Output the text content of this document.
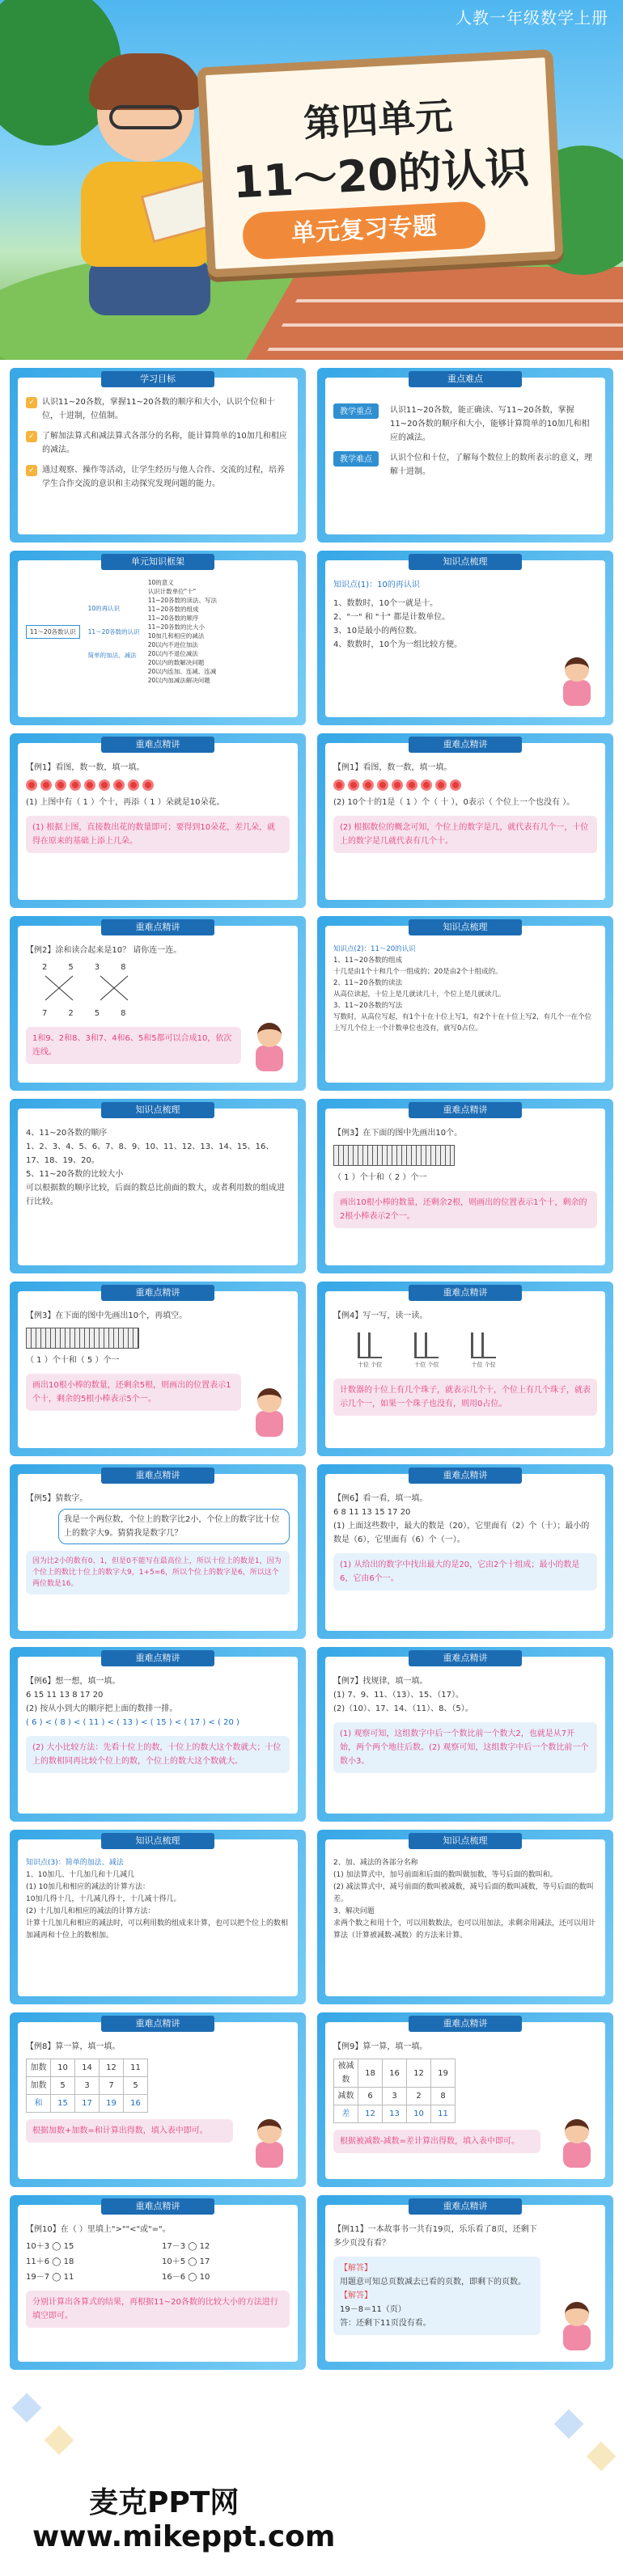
人教一年级数学上册
第四单元
11～20的认识
单元复习专题
学习目标
✓ 认识11~20各数，掌握11~20各数的顺序和大小，认识个位和十位，十进制，位值制。
✓ 了解加法算式和减法算式各部分的名称，能计算简单的10加几和相应的减法。
✓ 通过观察、操作等活动，让学生经历与他人合作、交流的过程，培养学生合作交流的意识和主动探究发现问题的能力。
重点难点
教学重点	认识11~20各数，能正确读、写11~20各数，掌握11~20各数的顺序和大小，能够计算简单的10加几和相应的减法。
教学难点	认识个位和十位，了解每个数位上的数所表示的意义，理解十进制。
单元知识框架
11～20各数认识
10的再认识
11～20各数的认识
简单的加法、减法
10的意义
认识计数单位"十"
11~20各数的读法、写法
11~20各数的组成
11~20各数的顺序
11~20各数的比大小
10加几和相应的减法
20以内不进位加法
20以内不退位减法
20以内的数解决问题
20以内连加、连减、连减
20以内加减法解决问题
知识点梳理
知识点(1)：10的再认识
1、数数时，10个一就是十。
2、"一" 和 "十" 都是计数单位。
3、10是最小的两位数。
4、数数时，10个为一组比较方便。
重难点精讲
【例1】看图，数一数，填一填。
(1) 上图中有（ 1 ）个十，再添（ 1 ）朵就是10朵花。
(1) 根据上图，直接数出花的数量即可；要得到10朵花，差几朵，就得在原来的基础上添上几朵。
重难点精讲
【例1】看图，数一数，填一填。
(2) 10个十的1是（ 1 ）个（ 十 ），0表示（ 个位上一个也没有 ）。
(2) 根据数位的概念可知，个位上的数字是几，就代表有几个一，十位上的数字是几就代表有几个十。
重难点精讲
【例2】涂和读合起来是10？ 请你连一连。
2	5	3	8
7	2	5	8
1和9、2和8、3和7、4和6、5和5都可以合成10，依次连线。
知识点梳理
知识点(2)：11～20的认识
1、11~20各数的组成
十几是由1个十和几个一组成的；20是由2个十组成的。
2、11~20各数的读法
从高位读起，十位上是几就读几十，个位上是几就读几。
3、11~20各数的写法
写数时，从高位写起，有1个十在十位上写1，有2个十在十位上写2，有几个一在个位上写几个位上一个计数单位也没有，就写0占位。
知识点梳理
4、11~20各数的顺序
1、2、3、4、5、6、7、8、9、10、11、12、13、14、15、16、17、18、19、20。
5、11~20各数的比较大小
可以根据数的顺序比较，后面的数总比前面的数大，或者利用数的组成进行比较。
重难点精讲
【例3】在下面的图中先画出10个。
（ 1 ）个十和（ 2 ）个一
画出10根小棒的数量，还剩余2根，则画出的位置表示1个十，剩余的2根小棒表示2个一。
重难点精讲
【例3】在下面的图中先画出10个，再填空。
（ 1 ）个十和（ 5 ）个一
画出10根小棒的数量，还剩余5根，则画出的位置表示1个十，剩余的5根小棒表示5个一。
重难点精讲
【例4】写一写，读一读。
十位 个位	十位 个位	十位 个位
计数器的十位上有几个珠子，就表示几个十，个位上有几个珠子，就表示几个一，如果一个珠子也没有，则用0占位。
重难点精讲
【例5】猜数字。
我是一个两位数，个位上的数字比2小，个位上的数字比十位上的数字大9。猜猜我是数字几？
因为比2小的数有0、1，但是0不能写在最高位上，所以十位上的数是1，因为个位上的数比十位上的数字大9，1+5=6，所以个位上的数字是6，所以这个两位数是16。
重难点精讲
【例6】看一看，填一填。
6 8 11 13 15 17 20
(1) 上面这些数中，最大的数是（20），它里面有（2）个（十）；最小的数是（6），它里面有（6）个（一）。
(1) 从给出的数字中找出最大的是20，它由2个十组成；最小的数是6，它由6个一。
重难点精讲
【例6】想一想，填一填。
6 15 11 13 8 17 20
(2) 按从小到大的顺序把上面的数排一排。
( 6 ) < ( 8 ) < ( 11 ) < ( 13 ) < ( 15 ) < ( 17 ) < ( 20 )
(2) 大小比较方法：先看十位上的数，十位上的数大这个数就大；十位上的数相同再比较个位上的数，个位上的数大这个数就大。
重难点精讲
【例7】找规律，填一填。
(1) 7、9、11、（13）、15、（17）。
(2)（10）、17、14、（11）、8、（5）。
(1) 观察可知，这组数字中后一个数比前一个数大2，也就是从7开始，两个两个地往后数。(2) 观察可知，这组数字中后一个数比前一个数小3。
知识点梳理
知识点(3)：简单的加法、减法
1、10加几、十几加几和十几减几
(1) 10加几和相应的减法的计算方法：
10加几得十几，十几减几得十，十几减十得几。
(2) 十几加几和相应的减法的计算方法：
计算十几加几和相应的减法时，可以利用数的组成来计算，也可以把个位上的数相加减再和十位上的数相加。
知识点梳理
2、加、减法的各部分名称
(1) 加法算式中，加号前面和后面的数叫做加数，等号后面的数叫和。
(2) 减法算式中，减号前面的数叫被减数，减号后面的数叫减数，等号后面的数叫差。
3、解决问题
求两个数之和用十个，可以用数数法，也可以用加法，求剩余用减法，还可以用计算法（计算被减数-减数）的方法来计算。
重难点精讲
【例8】算一算，填一填。
加数	10	14	12	11
加数	5	3	7	5
和	15	17	19	16
根据加数+加数=和计算出得数，填入表中即可。
重难点精讲
【例9】算一算，填一填。
被减数	18	16	12	19
减数	6	3	2	8
差	12	13	10	11
根据被减数-减数=差计算出得数，填入表中即可。
重难点精讲
【例10】在（ ）里填上">""<"或"="。
10＋3 ◯ 15	17－3 ◯ 12
11＋6 ◯ 18	10＋5 ◯ 17
19－7 ◯ 11	16－6 ◯ 10
分别计算出各算式的结果，再根据11~20各数的比较大小的方法进行填空即可。
重难点精讲
【例11】一本故事书一共有19页，乐乐看了8页，还剩下多少页没有看？
【解答】
用题意可知总页数减去已看的页数，即剩下的页数。
【解答】
19－8＝11（页）
答：还剩下11页没有看。
麦克PPT网
www.mikeppt.com
